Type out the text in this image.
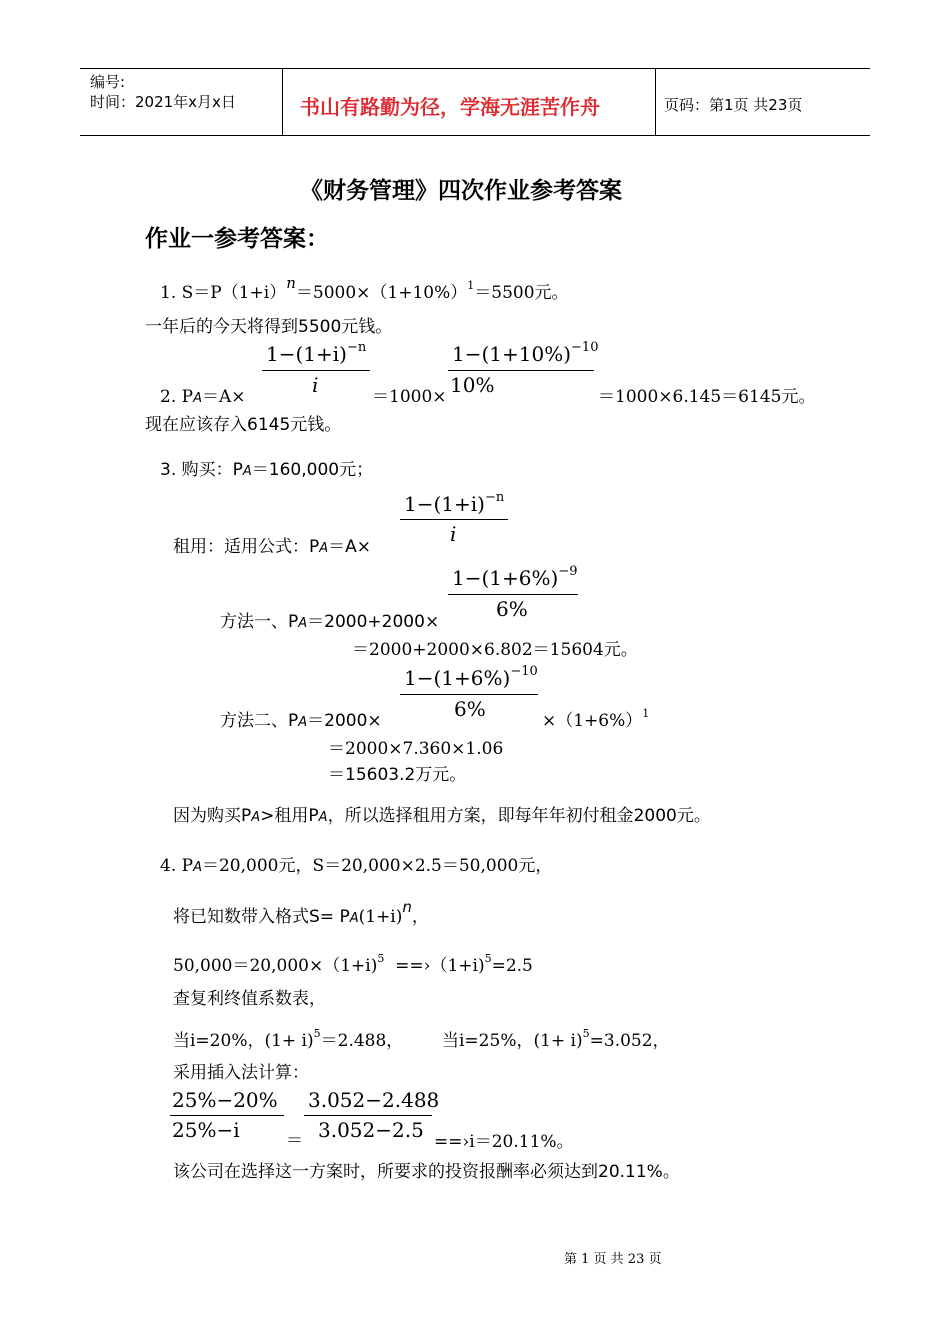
编号:
时间：2021年x月x日	书山有路勤为径，学海无涯苦作舟	页码：第1页 共23页
《财务管理》四次作业参考答案
作业一参考答案：
1. $S=P(1+i)n=5000\times(1+10\%)^1=5500$元。
一年后的今天将得到5500元钱。
$1-(1+i)^{-n}$
i
$1-(1+10\%)^{-10}$
10%
2. PA＝A×	＝1000×	＝1000×6.145＝6145元。
现在应该存入6145元钱。
3. 购买：PA＝160,000元；
$1-(1+i)^{-n}$
i
租用：适用公式：PA＝A×
$1-(1+6\%)^{-9}$
6%
方法一、PA＝2000+2000×
＝2000+2000×6.802＝15604元。
$1-(1+6\%)^{-10}$
6%
方法二、PA＝2000×	$\times(1+6\%)^1$
＝2000×7.360×1.06
＝15603.2万元。
因为购买PA>租用PA，所以选择租用方案，即每年年初付租金2000元。
4. PA＝20,000元，S＝20,000×2.5＝50,000元，
将已知数带入格式S= PA(1+i)n，
50,000＝20,000×（1+i)$^5$ ==›（1+i)$^5$=2.5
查复利终值系数表，
当i=20%，$(1+ i)^5=2.488$， 当i=25%，$(1+ i)^5=3.052$，
采用插入法计算：
25%−20%
25%−i	＝
3.052−2.488
3.052−2.5 ==›i＝20.11%。
该公司在选择这一方案时，所要求的投资报酬率必须达到20.11%。
第 1 页 共 23 页
